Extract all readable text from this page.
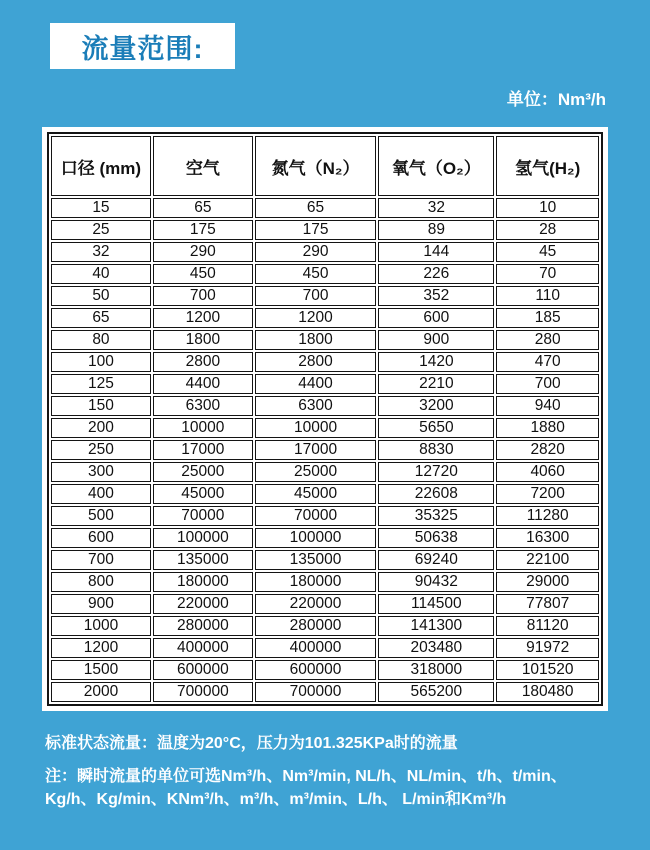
流量范围:
单位：Nm³/h
口径 (mm)	空气	氮气（N₂）	氧气（O₂）	氢气(H₂)
15	65	65	32	10
25	175	175	89	28
32	290	290	144	45
40	450	450	226	70
50	700	700	352	110
65	1200	1200	600	185
80	1800	1800	900	280
100	2800	2800	1420	470
125	4400	4400	2210	700
150	6300	6300	3200	940
200	10000	10000	5650	1880
250	17000	17000	8830	2820
300	25000	25000	12720	4060
400	45000	45000	22608	7200
500	70000	70000	35325	11280
600	100000	100000	50638	16300
700	135000	135000	69240	22100
800	180000	180000	90432	29000
900	220000	220000	114500	77807
1000	280000	280000	141300	81120
1200	400000	400000	203480	91972
1500	600000	600000	318000	101520
2000	700000	700000	565200	180480

标准状态流量：温度为20°C，压力为101.325KPa时的流量

注：瞬时流量的单位可选Nm³/h、Nm³/min, NL/h、NL/min、t/h、t/min、Kg/h、Kg/min、KNm³/h、m³/h、m³/min、L/h、 L/min和Km³/h
